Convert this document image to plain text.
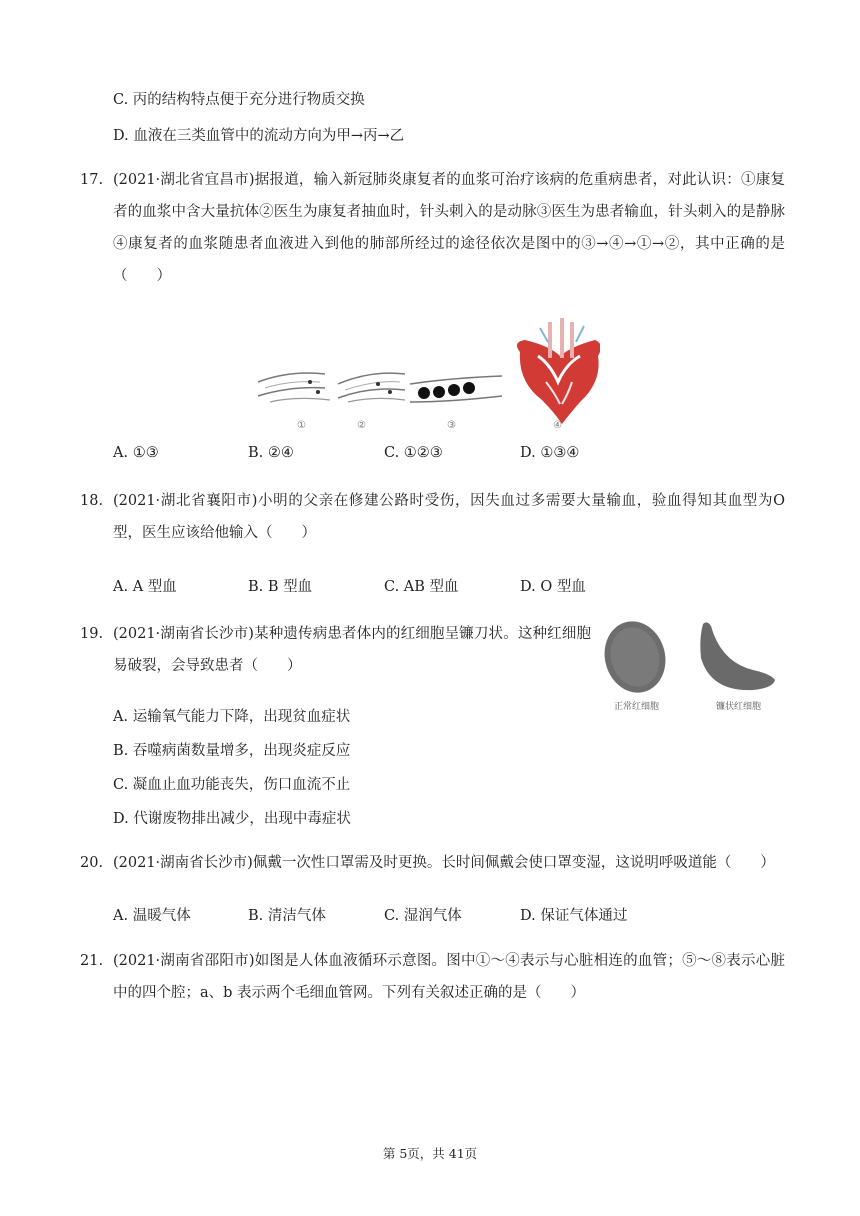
C. 丙的结构特点便于充分进行物质交换
D. 血液在三类血管中的流动方向为甲→丙→乙
17. (2021·湖北省宜昌市)据报道，输入新冠肺炎康复者的血浆可治疗该病的危重病患者，对此认识：①康复者的血浆中含大量抗体②医生为康复者抽血时，针头刺入的是动脉③医生为患者输血，针头刺入的是静脉④康复者的血浆随患者血液进入到他的肺部所经过的途径依次是图中的③→④→①→②，其中正确的是（　　）
①	②	③	④
A. ①③	B. ②④	C. ①②③	D. ①③④
18. (2021·湖北省襄阳市)小明的父亲在修建公路时受伤，因失血过多需要大量输血，验血得知其血型为O型，医生应该给他输入（　　）
A. A 型血	B. B 型血	C. AB 型血	D. O 型血
19. (2021·湖南省长沙市)某种遗传病患者体内的红细胞呈镰刀状。这种红细胞易破裂，会导致患者（　　）
正常红细胞	镰状红细胞
A. 运输氧气能力下降，出现贫血症状
B. 吞噬病菌数量增多，出现炎症反应
C. 凝血止血功能丧失，伤口血流不止
D. 代谢废物排出减少，出现中毒症状
20. (2021·湖南省长沙市)佩戴一次性口罩需及时更换。长时间佩戴会使口罩变湿，这说明呼吸道能（　　）
A. 温暖气体	B. 清洁气体	C. 湿润气体	D. 保证气体通过
21. (2021·湖南省邵阳市)如图是人体血液循环示意图。图中①～④表示与心脏相连的血管；⑤～⑧表示心脏中的四个腔；a、b 表示两个毛细血管网。下列有关叙述正确的是（　　）
第 5页，共 41页
